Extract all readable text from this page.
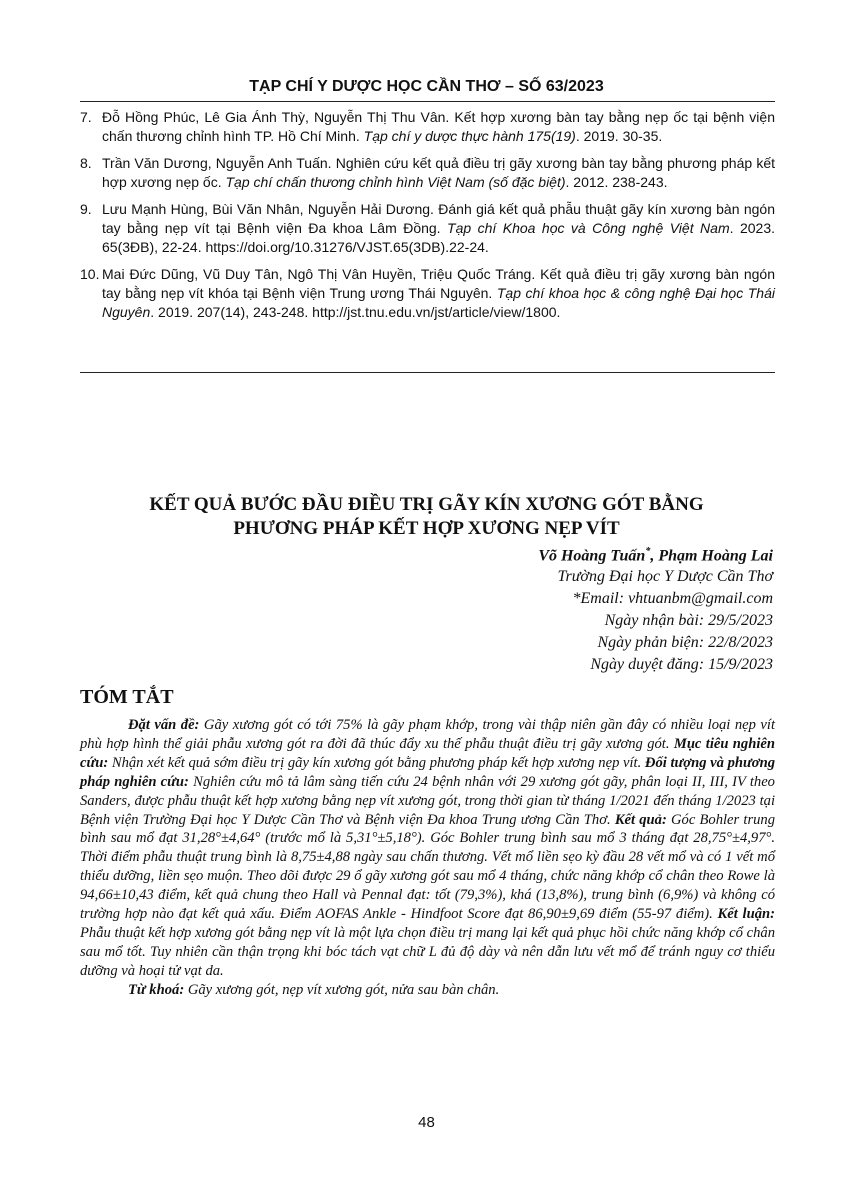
TẠP CHÍ Y DƯỢC HỌC CẦN THƠ – SỐ 63/2023
7. Đỗ Hồng Phúc, Lê Gia Ánh Thỳ, Nguyễn Thị Thu Vân. Kết hợp xương bàn tay bằng nẹp ốc tại bệnh viện chấn thương chỉnh hình TP. Hồ Chí Minh. Tạp chí y dược thực hành 175(19). 2019. 30-35.
8. Trần Văn Dương, Nguyễn Anh Tuấn. Nghiên cứu kết quả điều trị gãy xương bàn tay bằng phương pháp kết hợp xương nẹp ốc. Tạp chí chấn thương chỉnh hình Việt Nam (số đặc biệt). 2012. 238-243.
9. Lưu Mạnh Hùng, Bùi Văn Nhân, Nguyễn Hải Dương. Đánh giá kết quả phẫu thuật gãy kín xương bàn ngón tay bằng nẹp vít tại Bệnh viện Đa khoa Lâm Đồng. Tạp chí Khoa học và Công nghệ Việt Nam. 2023. 65(3ĐB), 22-24. https://doi.org/10.31276/VJST.65(3DB).22-24.
10. Mai Đức Dũng, Vũ Duy Tân, Ngô Thị Vân Huyền, Triệu Quốc Tráng. Kết quả điều trị gãy xương bàn ngón tay bằng nẹp vít khóa tại Bệnh viện Trung ương Thái Nguyên. Tạp chí khoa học & công nghệ Đại học Thái Nguyên. 2019. 207(14), 243-248. http://jst.tnu.edu.vn/jst/article/view/1800.
KẾT QUẢ BƯỚC ĐẦU ĐIỀU TRỊ GÃY KÍN XƯƠNG GÓT BẰNG
PHƯƠNG PHÁP KẾT HỢP XƯƠNG NẸP VÍT
Võ Hoàng Tuấn*, Phạm Hoàng Lai
Trường Đại học Y Dược Cần Thơ
*Email: vhtuanbm@gmail.com
Ngày nhận bài: 29/5/2023
Ngày phản biện: 22/8/2023
Ngày duyệt đăng: 15/9/2023
TÓM TẮT

Đặt vấn đề: Gãy xương gót có tới 75% là gãy phạm khớp, trong vài thập niên gần đây có nhiều loại nẹp vít phù hợp hình thể giải phẫu xương gót ra đời đã thúc đẩy xu thế phẫu thuật điều trị gãy xương gót. Mục tiêu nghiên cứu: Nhận xét kết quả sớm điều trị gãy kín xương gót bằng phương pháp kết hợp xương nẹp vít. Đối tượng và phương pháp nghiên cứu: Nghiên cứu mô tả lâm sàng tiến cứu 24 bệnh nhân với 29 xương gót gãy, phân loại II, III, IV theo Sanders, được phẫu thuật kết hợp xương bằng nẹp vít xương gót, trong thời gian từ tháng 1/2021 đến tháng 1/2023 tại Bệnh viện Trường Đại học Y Dược Cần Thơ và Bệnh viện Đa khoa Trung ương Cần Thơ. Kết quả: Góc Bohler trung bình sau mổ đạt 31,28°±4,64° (trước mổ là 5,31°±5,18°). Góc Bohler trung bình sau mổ 3 tháng đạt 28,75°±4,97°. Thời điểm phẫu thuật trung bình là 8,75±4,88 ngày sau chấn thương. Vết mổ liền sẹo kỳ đầu 28 vết mổ và có 1 vết mổ thiểu dưỡng, liền sẹo muộn. Theo dõi được 29 ổ gãy xương gót sau mổ 4 tháng, chức năng khớp cổ chân theo Rowe là 94,66±10,43 điểm, kết quả chung theo Hall và Pennal đạt: tốt (79,3%), khá (13,8%), trung bình (6,9%) và không có trường hợp nào đạt kết quả xấu. Điểm AOFAS Ankle - Hindfoot Score đạt 86,90±9,69 điểm (55-97 điểm). Kết luận: Phẫu thuật kết hợp xương gót bằng nẹp vít là một lựa chọn điều trị mang lại kết quả phục hồi chức năng khớp cổ chân sau mổ tốt. Tuy nhiên cần thận trọng khi bóc tách vạt chữ L đủ độ dày và nên dẫn lưu vết mổ để tránh nguy cơ thiểu dưỡng và hoại tử vạt da.

Từ khoá: Gãy xương gót, nẹp vít xương gót, nửa sau bàn chân.

48
